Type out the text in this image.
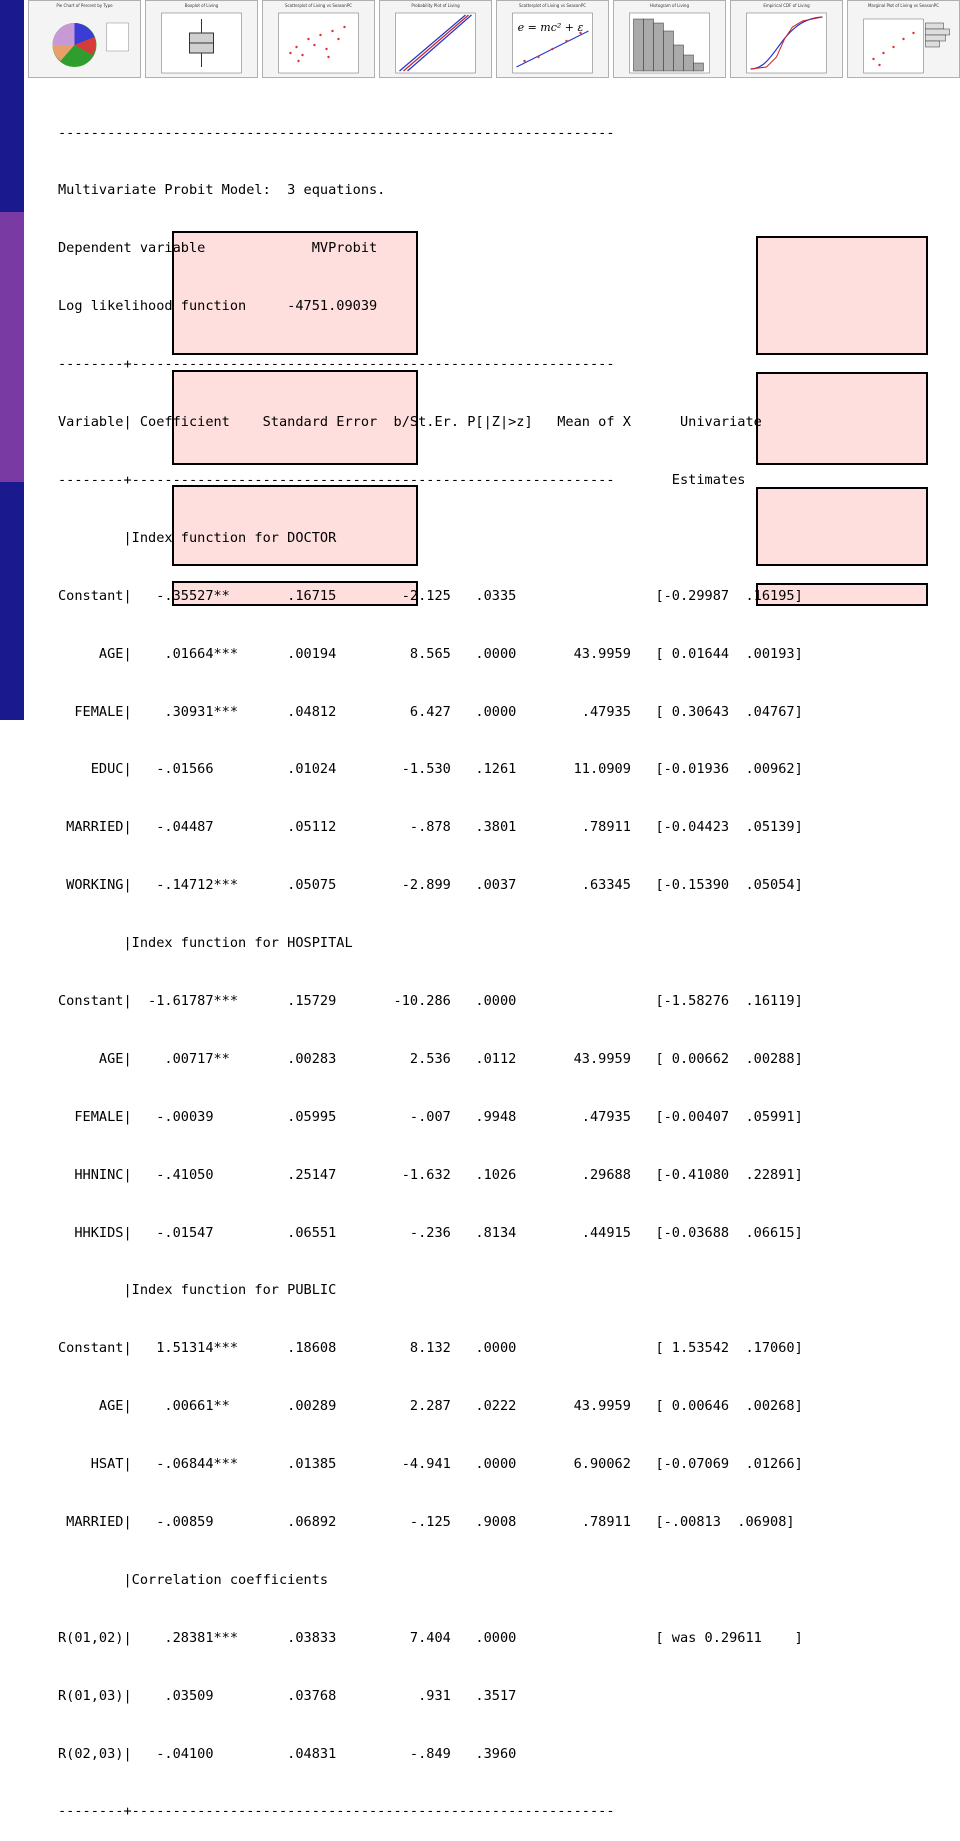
Pie Chart of Percent by Type	Boxplot of Living	Scatterplot of Living vs SeasonPC	Probability Plot of Living	Scatterplot of Living vs SeasonPC
e = mc² + ε
Histogram of Living	Empirical CDF of Living	Marginal Plot of Living vs SeasonPC

--------------------------------------------------------------------

Multivariate Probit Model:  3 equations.

Dependent variable             MVProbit

Log likelihood function     -4751.09039

--------+-----------------------------------------------------------

Variable| Coefficient    Standard Error  b/St.Er. P[|Z|>z]   Mean of X      Univariate

--------+-----------------------------------------------------------       Estimates

|Index function for DOCTOR

Constant|   -.35527**       .16715        -2.125   .0335                 [-0.29987  .16195]

AGE|    .01664***      .00194         8.565   .0000       43.9959   [ 0.01644  .00193]

FEMALE|    .30931***      .04812         6.427   .0000        .47935   [ 0.30643  .04767]

EDUC|   -.01566         .01024        -1.530   .1261       11.0909   [-0.01936  .00962]

MARRIED|   -.04487         .05112         -.878   .3801        .78911   [-0.04423  .05139]

WORKING|   -.14712***      .05075        -2.899   .0037        .63345   [-0.15390  .05054]

|Index function for HOSPITAL

Constant|  -1.61787***      .15729       -10.286   .0000                 [-1.58276  .16119]

AGE|    .00717**       .00283         2.536   .0112       43.9959   [ 0.00662  .00288]

FEMALE|   -.00039         .05995         -.007   .9948        .47935   [-0.00407  .05991]

HHNINC|   -.41050         .25147        -1.632   .1026        .29688   [-0.41080  .22891]

HHKIDS|   -.01547         .06551         -.236   .8134        .44915   [-0.03688  .06615]

|Index function for PUBLIC

Constant|   1.51314***      .18608         8.132   .0000                 [ 1.53542  .17060]

AGE|    .00661**       .00289         2.287   .0222       43.9959   [ 0.00646  .00268]

HSAT|   -.06844***      .01385        -4.941   .0000       6.90062   [-0.07069  .01266]

MARRIED|   -.00859         .06892         -.125   .9008        .78911   [-.00813  .06908]

|Correlation coefficients

R(01,02)|    .28381***      .03833         7.404   .0000                 [ was 0.29611    ]

R(01,03)|    .03509         .03768          .931   .3517

R(02,03)|   -.04100         .04831         -.849   .3960

--------+-----------------------------------------------------------
